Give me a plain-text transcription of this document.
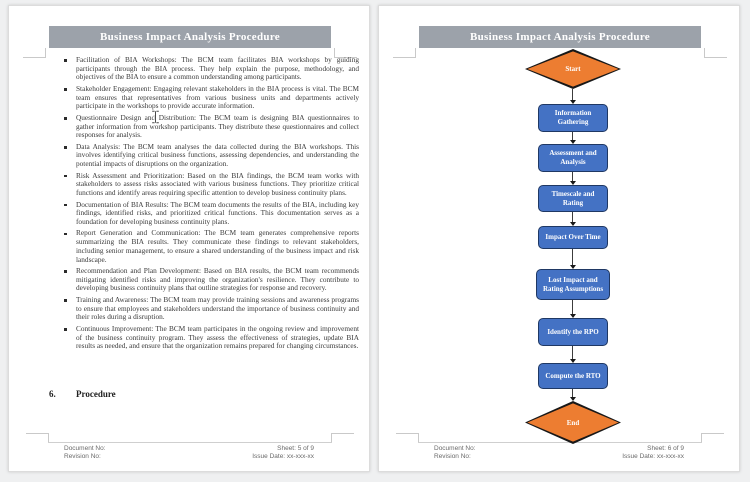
Business Impact Analysis Procedure
Facilitation of BIA Workshops: The BCM team facilitates BIA workshops by guiding participants through the BIA process. They help explain the purpose, methodology, and objectives of the BIA to ensure a common understanding among participants.
Stakeholder Engagement: Engaging relevant stakeholders in the BIA process is vital. The BCM team ensures that representatives from various business units and departments actively participate in the workshops to provide accurate information.
Questionnaire Design and Distribution: The BCM team is designing BIA questionnaires to gather information from workshop participants. They distribute these questionnaires and collect responses for analysis.
Data Analysis: The BCM team analyses the data collected during the BIA workshops. This involves identifying critical business functions, assessing dependencies, and understanding the potential impacts of disruptions on the organization.
Risk Assessment and Prioritization: Based on the BIA findings, the BCM team works with stakeholders to assess risks associated with various business functions. They prioritize critical functions and identify areas requiring specific attention to develop business continuity plans.
Documentation of BIA Results: The BCM team documents the results of the BIA, including key findings, identified risks, and prioritized critical functions. This documentation serves as a foundation for developing business continuity plans.
Report Generation and Communication: The BCM team generates comprehensive reports summarizing the BIA results. They communicate these findings to relevant stakeholders, including senior management, to ensure a shared understanding of the business impact and risk landscape.
Recommendation and Plan Development: Based on BIA results, the BCM team recommends mitigating identified risks and improving the organization's resilience. They contribute to developing business continuity plans that outline strategies for response and recovery.
Training and Awareness: The BCM team may provide training sessions and awareness programs to ensure that employees and stakeholders understand the importance of business continuity and their roles during a disruption.
Continuous Improvement: The BCM team participates in the ongoing review and improvement of the business continuity program. They assess the effectiveness of strategies, update BIA results as needed, and ensure that the organization remains prepared for changing circumstances.
6. Procedure
Document No:
Revision No:
Sheet: 5 of 9
Issue Date: xx-xxx-xx
Business Impact Analysis Procedure
Document No:
Revision No:
Sheet: 6 of 9
Issue Date: xx-xxx-xx
Start
Information Gathering
Assessment and Analysis
Timescale and Rating
Impact Over Time
Lost Impact and Rating Assumptions
Identify the RPO
Compute the RTO
End
